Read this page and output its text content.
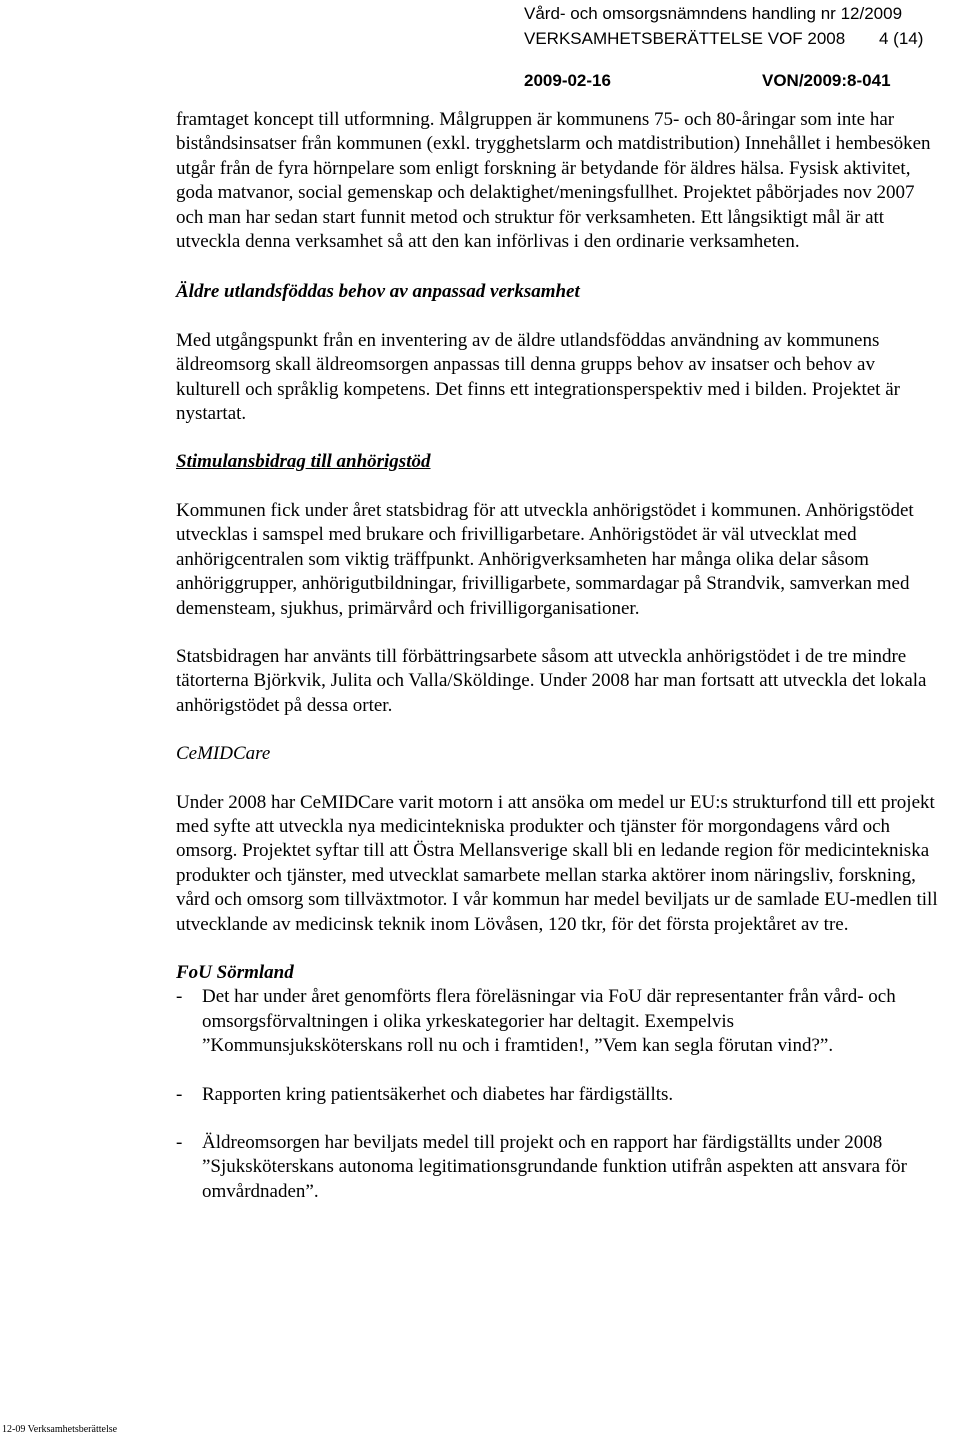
Vård- och omsorgsnämndens handling nr 12/2009
VERKSAMHETSBERÄTTELSE VOF 2008 4 (14)
2009-02-16	VON/2009:8-041

framtaget koncept till utformning. Målgruppen är kommunens 75- och 80-åringar som inte har biståndsinsatser från kommunen (exkl. trygghetslarm och matdistribution) Innehållet i hembesöken utgår från de fyra hörnpelare som enligt forskning är betydande för äldres hälsa. Fysisk aktivitet, goda matvanor, social gemenskap och delaktighet/meningsfullhet. Projektet påbörjades nov 2007 och man har sedan start funnit metod och struktur för verksamheten. Ett långsiktigt mål är att utveckla denna verksamhet så att den kan införlivas i den ordinarie verksamheten.

Äldre utlandsföddas behov av anpassad verksamhet

Med utgångspunkt från en inventering av de äldre utlandsföddas användning av kommunens äldreomsorg skall äldreomsorgen anpassas till denna grupps behov av insatser och behov av kulturell och språklig kompetens. Det finns ett integrationsperspektiv med i bilden. Projektet är nystartat.

Stimulansbidrag till anhörigstöd

Kommunen fick under året statsbidrag för att utveckla anhörigstödet i kommunen. Anhörigstödet utvecklas i samspel med brukare och frivilligarbetare. Anhörigstödet är väl utvecklat med anhörigcentralen som viktig träffpunkt. Anhörigverksamheten har många olika delar såsom anhöriggrupper, anhörigutbildningar, frivilligarbete, sommardagar på Strandvik, samverkan med demensteam, sjukhus, primärvård och frivilligorganisationer.

Statsbidragen har använts till förbättringsarbete såsom att utveckla anhörigstödet i de tre mindre tätorterna Björkvik, Julita och Valla/Sköldinge. Under 2008 har man fortsatt att utveckla det lokala anhörigstödet på dessa orter.

CeMIDCare

Under 2008 har CeMIDCare varit motorn i att ansöka om medel ur EU:s strukturfond till ett projekt med syfte att utveckla nya medicintekniska produkter och tjänster för morgondagens vård och omsorg. Projektet syftar till att Östra Mellansverige skall bli en ledande region för medicintekniska produkter och tjänster, med utvecklat samarbete mellan starka aktörer inom näringsliv, forskning, vård och omsorg som tillväxtmotor. I vår kommun har medel beviljats ur de samlade EU-medlen till utvecklande av medicinsk teknik inom Lövåsen, 120 tkr, för det första projektåret av tre.

FoU Sörmland

- Det har under året genomförts flera föreläsningar via FoU där representanter från vård- och omsorgsförvaltningen i olika yrkeskategorier har deltagit. Exempelvis ”Kommunsjuksköterskans roll nu och i framtiden!, ”Vem kan segla förutan vind?”.
- Rapporten kring patientsäkerhet och diabetes har färdigställts.
- Äldreomsorgen har beviljats medel till projekt och en rapport har färdigställts under 2008 ”Sjuksköterskans autonoma legitimationsgrundande funktion utifrån aspekten att ansvara för omvårdnaden”.
12-09 Verksamhetsberättelse
